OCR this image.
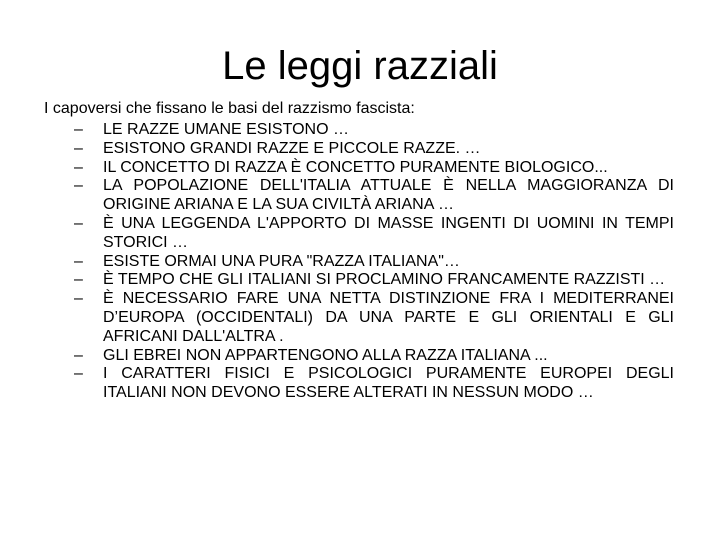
Le leggi razziali

I capoversi che fissano le basi del razzismo fascista:

– LE RAZZE UMANE ESISTONO …
– ESISTONO GRANDI RAZZE E PICCOLE RAZZE. …
– IL CONCETTO DI RAZZA È CONCETTO PURAMENTE BIOLOGICO...
– LA POPOLAZIONE DELL'ITALIA ATTUALE È NELLA MAGGIORANZA DI ORIGINE ARIANA E LA SUA CIVILTÀ ARIANA …
– È UNA LEGGENDA L'APPORTO DI MASSE INGENTI DI UOMINI IN TEMPI STORICI …
– ESISTE ORMAI UNA PURA "RAZZA ITALIANA"…
– È TEMPO CHE GLI ITALIANI SI PROCLAMINO FRANCAMENTE RAZZISTI …
– È NECESSARIO FARE UNA NETTA DISTINZIONE FRA I MEDITERRANEI D’EUROPA (OCCIDENTALI) DA UNA PARTE E GLI ORIENTALI E GLI AFRICANI DALL'ALTRA .
– GLI EBREI NON APPARTENGONO ALLA RAZZA ITALIANA ...
– I CARATTERI FISICI E PSICOLOGICI PURAMENTE EUROPEI DEGLI ITALIANI NON DEVONO ESSERE ALTERATI IN NESSUN MODO …
